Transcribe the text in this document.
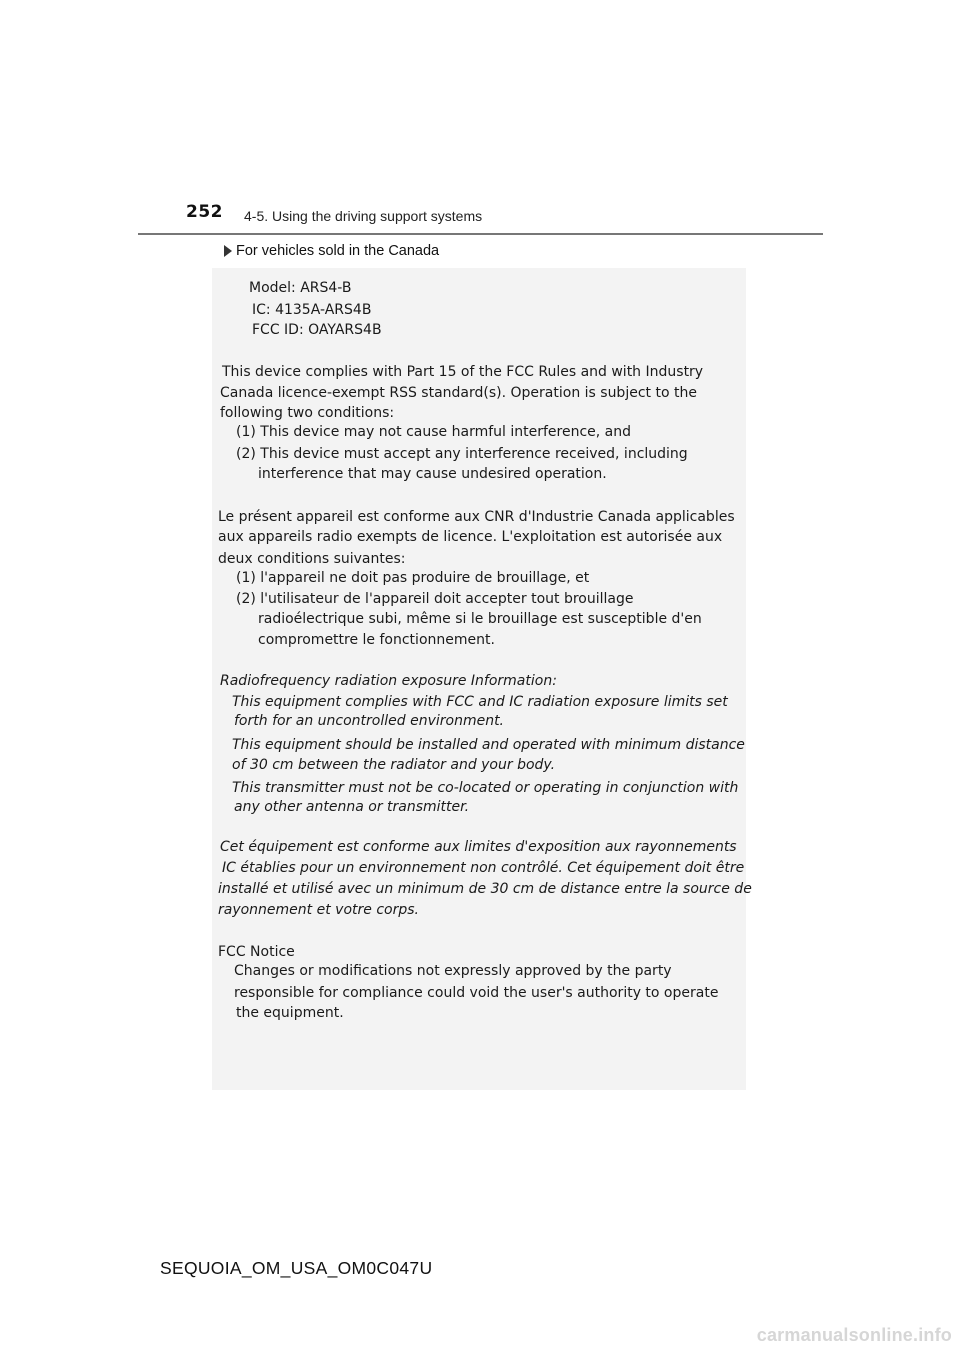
252 4-5. Using the driving support systems
For vehicles sold in the Canada
Model: ARS4-B
IC: 4135A-ARS4B
FCC ID: OAYARS4B
This device complies with Part 15 of the FCC Rules and with Industry
Canada licence-exempt RSS standard(s). Operation is subject to the
following two conditions:
(1) This device may not cause harmful interference, and
(2) This device must accept any interference received, including
interference that may cause undesired operation.
Le présent appareil est conforme aux CNR d'Industrie Canada applicables
aux appareils radio exempts de licence. L'exploitation est autorisée aux
deux conditions suivantes:
(1) l'appareil ne doit pas produire de brouillage, et
(2) l'utilisateur de l'appareil doit accepter tout brouillage
radioélectrique subi, même si le brouillage est susceptible d'en
compromettre le fonctionnement.
Radiofrequency radiation exposure Information:
This equipment complies with FCC and IC radiation exposure limits set
forth for an uncontrolled environment.
This equipment should be installed and operated with minimum distance
of 30 cm between the radiator and your body.
This transmitter must not be co-located or operating in conjunction with
any other antenna or transmitter.
Cet équipement est conforme aux limites d'exposition aux rayonnements
IC établies pour un environnement non contrôlé. Cet équipement doit être
installé et utilisé avec un minimum de 30 cm de distance entre la source de
rayonnement et votre corps.
FCC Notice
Changes or modifications not expressly approved by the party
responsible for compliance could void the user's authority to operate
the equipment.
SEQUOIA_OM_USA_OM0C047U
carmanualsonline.info
